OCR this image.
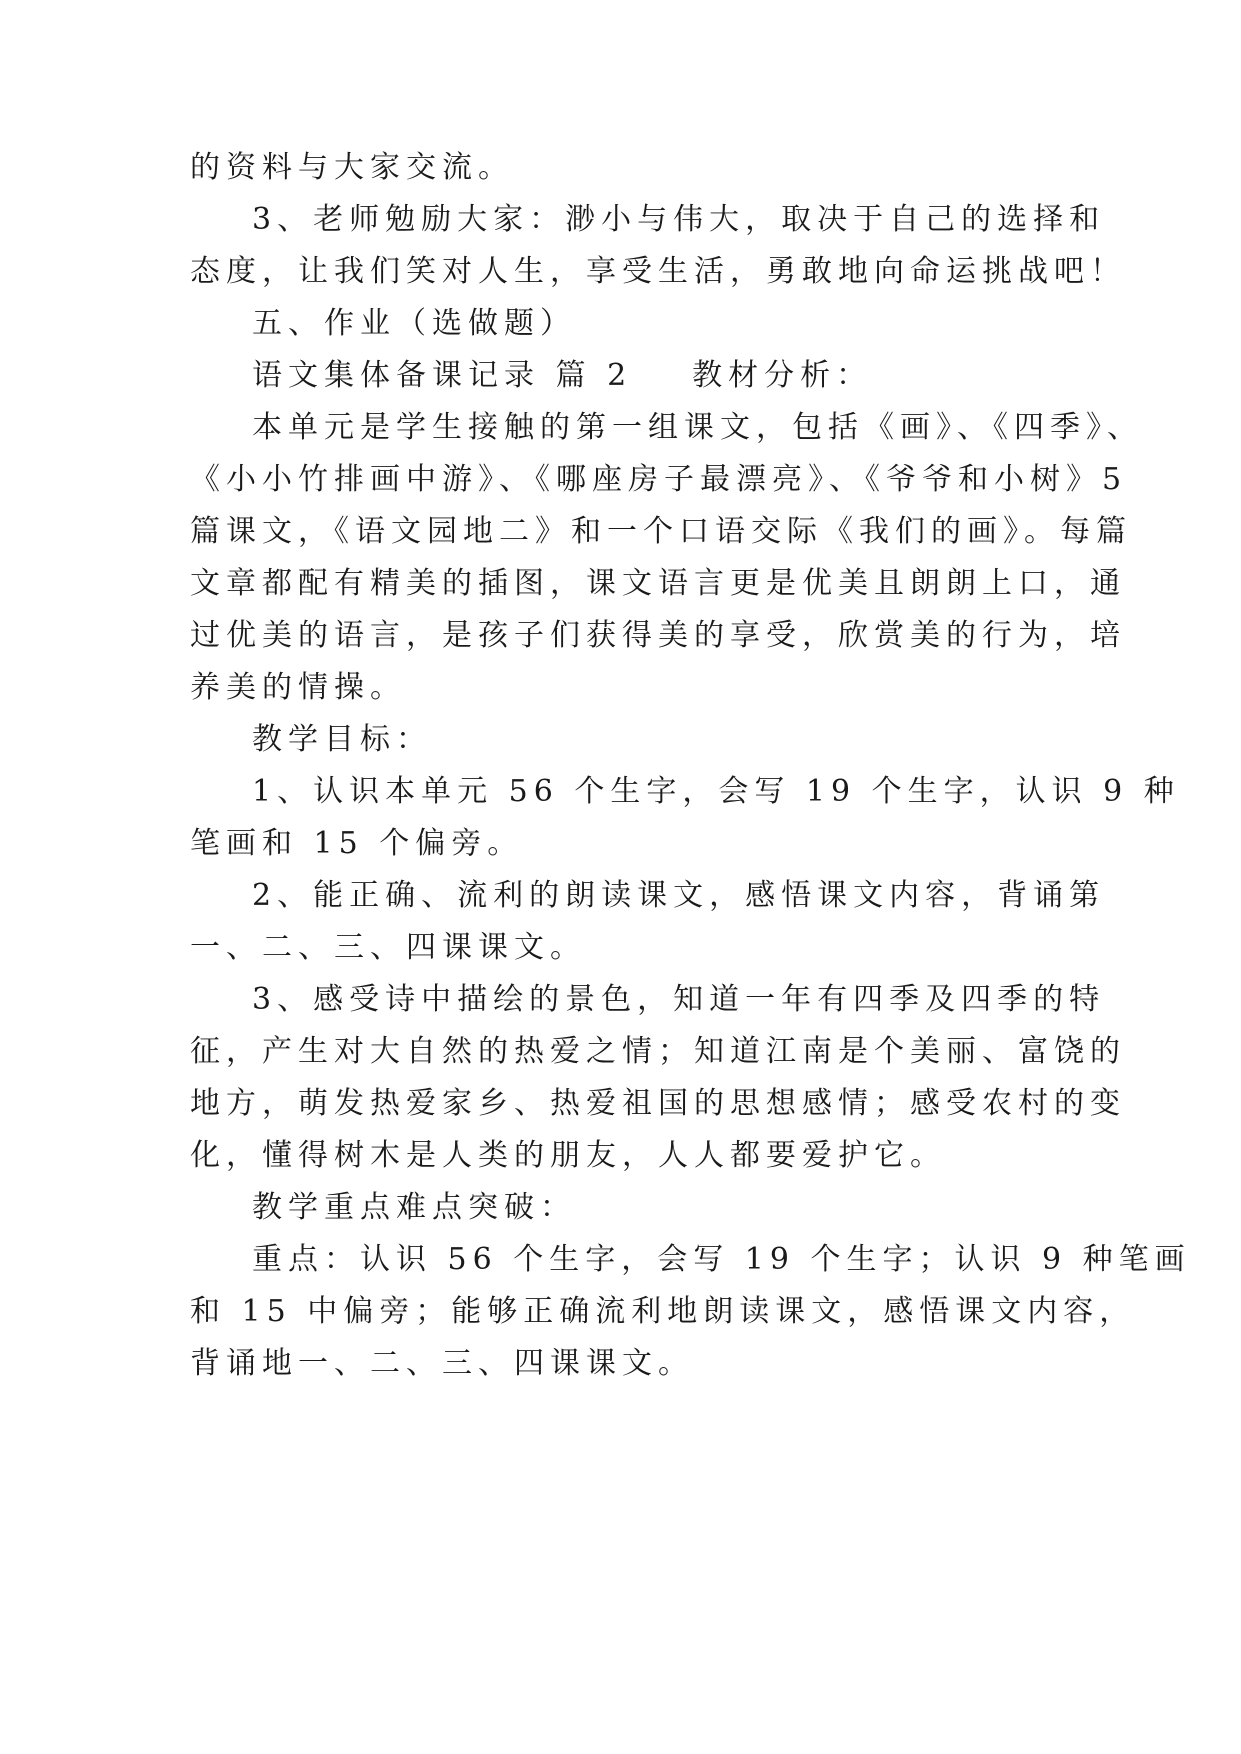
的资料与大家交流。
3、老师勉励大家：渺小与伟大，取决于自己的选择和
态度，让我们笑对人生，享受生活，勇敢地向命运挑战吧！
五、作业（选做题）
语文集体备课记录 篇 2 教材分析：
本单元是学生接触的第一组课文，包括《画》、《四季》、
《小小竹排画中游》、《哪座房子最漂亮》、《爷爷和小树》5
篇课文，《语文园地二》和一个口语交际《我们的画》。每篇
文章都配有精美的插图，课文语言更是优美且朗朗上口，通
过优美的语言，是孩子们获得美的享受，欣赏美的行为，培
养美的情操。
教学目标：
1、认识本单元 56 个生字，会写 19 个生字，认识 9 种
笔画和 15 个偏旁。
2、能正确、流利的朗读课文，感悟课文内容，背诵第
一、二、三、四课课文。
3、感受诗中描绘的景色，知道一年有四季及四季的特
征，产生对大自然的热爱之情；知道江南是个美丽、富饶的
地方，萌发热爱家乡、热爱祖国的思想感情；感受农村的变
化，懂得树木是人类的朋友，人人都要爱护它。
教学重点难点突破：
重点：认识 56 个生字，会写 19 个生字；认识 9 种笔画
和 15 中偏旁；能够正确流利地朗读课文，感悟课文内容，
背诵地一、二、三、四课课文。
